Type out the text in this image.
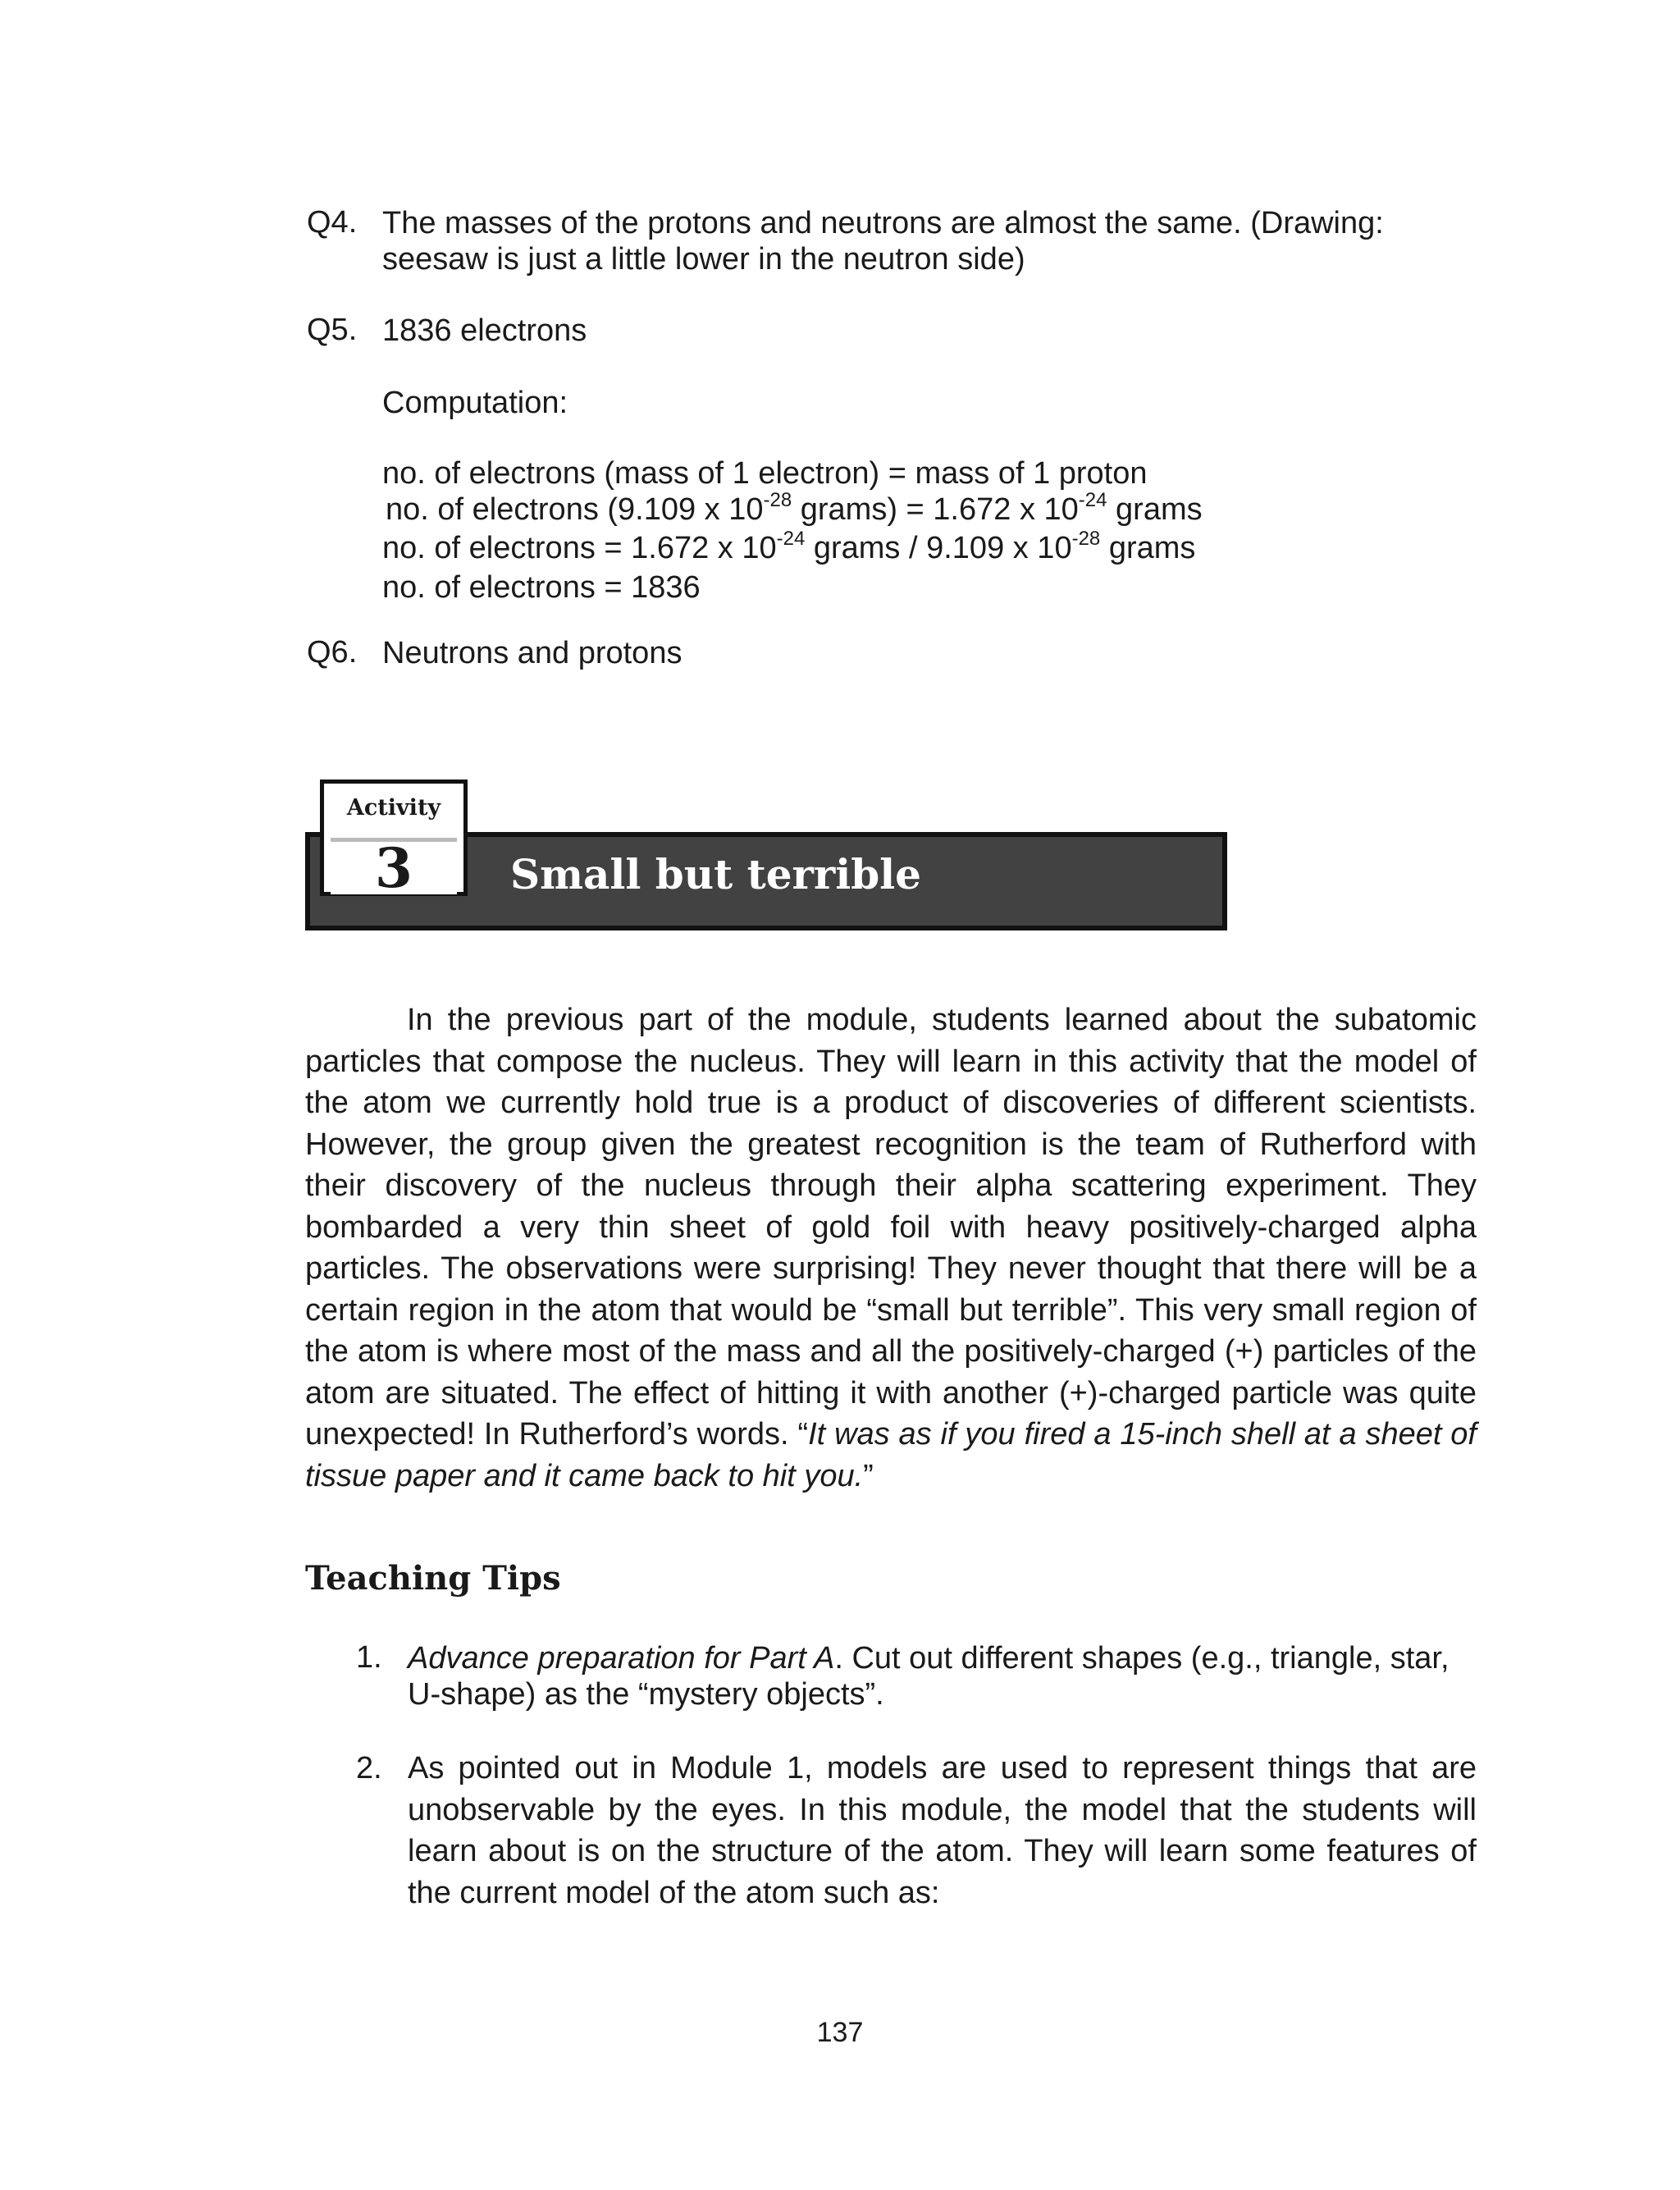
Q4. The masses of the protons and neutrons are almost the same. (Drawing:
seesaw is just a little lower in the neutron side)
Q5. 1836 electrons
Computation:
no. of electrons (mass of 1 electron) = mass of 1 proton
no. of electrons (9.109 x $10^{-28}$ grams) = 1.672 x $10^{-24}$ grams
no. of electrons = 1.672 x $10^{-24}$ grams / 9.109 x $10^{-28}$ grams
no. of electrons = 1836
Q6. Neutrons and protons
Activity
3	Small but terrible
In the previous part of the module, students learned about the subatomic particles that compose the nucleus. They will learn in this activity that the model of the atom we currently hold true is a product of discoveries of different scientists. However, the group given the greatest recognition is the team of Rutherford with their discovery of the nucleus through their alpha scattering experiment. They bombarded a very thin sheet of gold foil with heavy positively-charged alpha particles. The observations were surprising! They never thought that there will be a certain region in the atom that would be “small but terrible”. This very small region of the atom is where most of the mass and all the positively-charged (+) particles of the atom are situated. The effect of hitting it with another (+)-charged particle was quite unexpected! In Rutherford’s words. “It was as if you fired a 15-inch shell at a sheet of tissue paper and it came back to hit you.”
Teaching Tips
1. Advance preparation for Part A. Cut out different shapes (e.g., triangle, star, U-shape) as the “mystery objects”.
2. As pointed out in Module 1, models are used to represent things that are unobservable by the eyes. In this module, the model that the students will learn about is on the structure of the atom. They will learn some features of the current model of the atom such as:
137
